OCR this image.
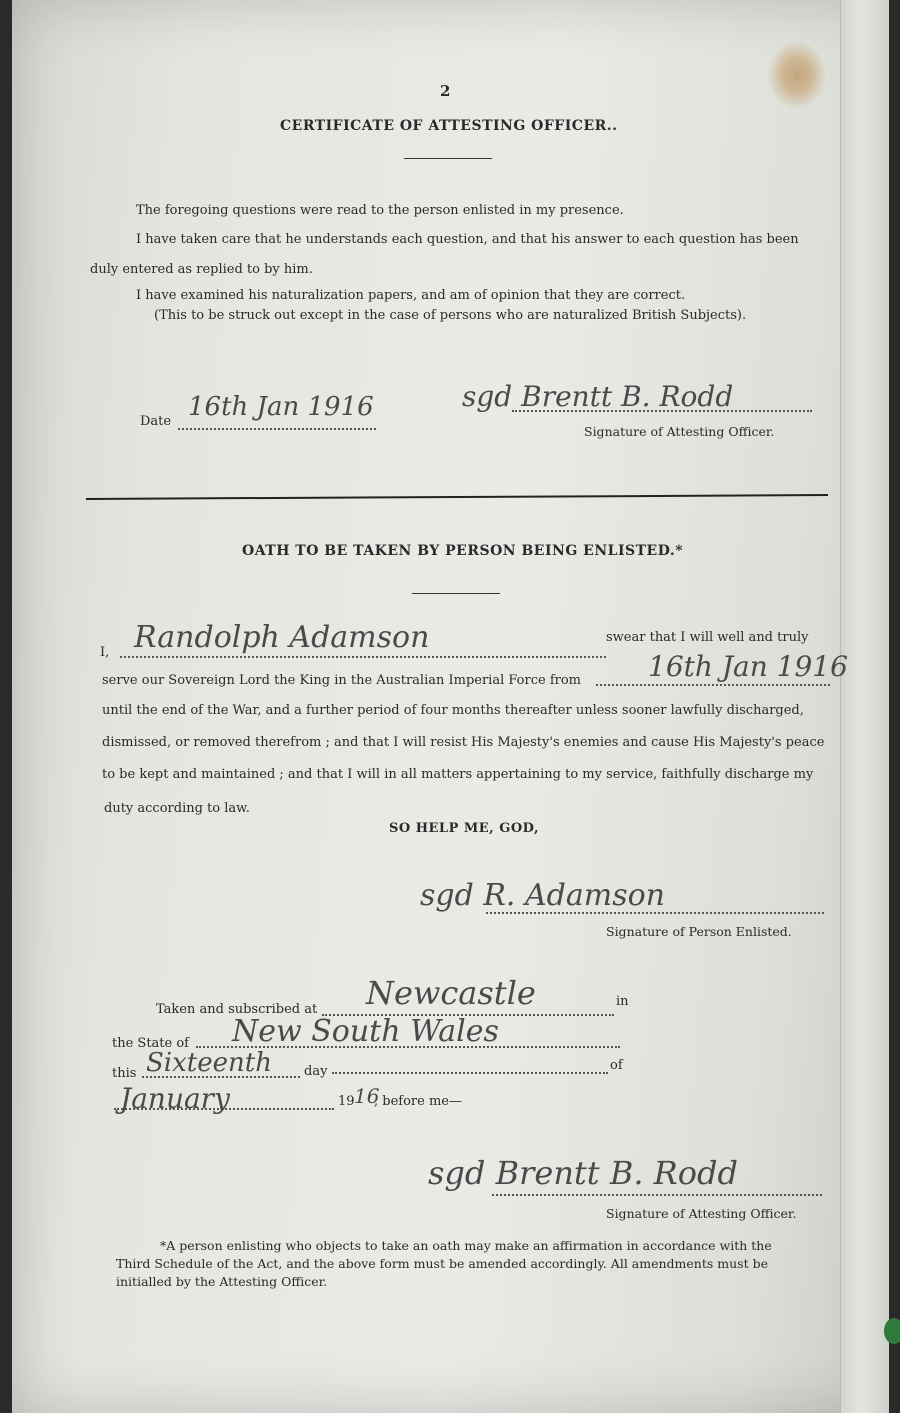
2
CERTIFICATE OF ATTESTING OFFICER..
The foregoing questions were read to the person enlisted in my presence.
I have taken care that he understands each question, and that his answer to each question has been
duly entered as replied to by him.
I have examined his naturalization papers, and am of opinion that they are correct.
(This to be struck out except in the case of persons who are naturalized British Subjects).
Date 16th Jan 1916	sgd Brentt B. Rodd
Signature of Attesting Officer.
OATH TO BE TAKEN BY PERSON BEING ENLISTED.*
I, Randolph Adamson	swear that I will well and truly
serve our Sovereign Lord the King in the Australian Imperial Force from 16th Jan 1916
until the end of the War, and a further period of four months thereafter unless sooner lawfully discharged,
dismissed, or removed therefrom ; and that I will resist His Majesty's enemies and cause His Majesty's peace
to be kept and maintained ; and that I will in all matters appertaining to my service, faithfully discharge my
duty according to law.
SO HELP ME, GOD,
sgd R. Adamson
Signature of Person Enlisted.
Taken and subscribed at Newcastle	in
the State of New South Wales
this Sixteenth day	of
January	19 16
, before me—
sgd Brentt B. Rodd
Signature of Attesting Officer.
*A person enlisting who objects to take an oath may make an affirmation in accordance with the
Third Schedule of the Act, and the above form must be amended accordingly. All amendments must be
initialled by the Attesting Officer.
